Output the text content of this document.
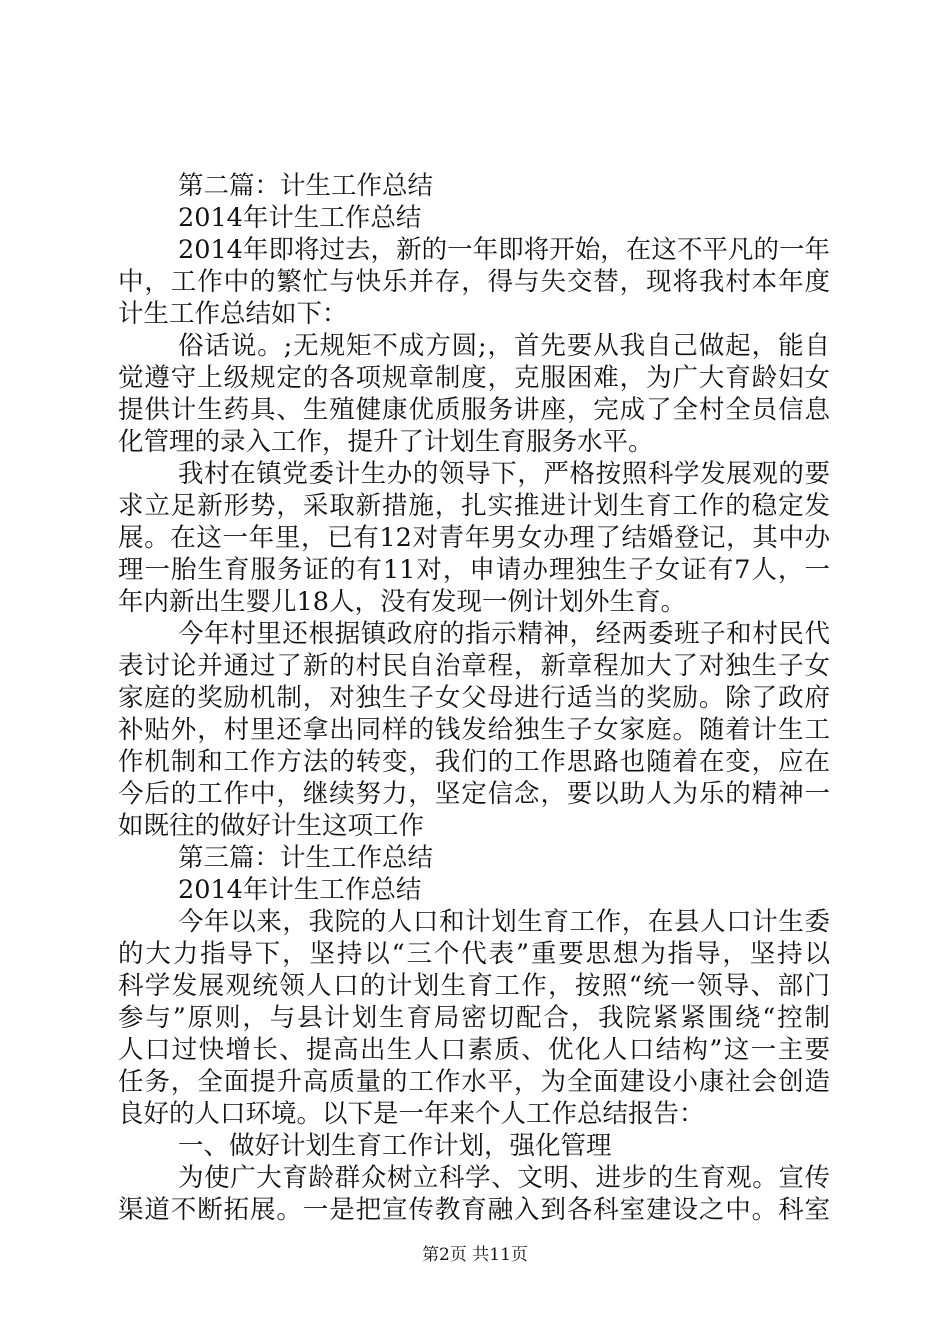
第二篇：计生工作总结
2014年计生工作总结
2014年即将过去，新的一年即将开始，在这不平凡的一年
中，工作中的繁忙与快乐并存，得与失交替，现将我村本年度
计生工作总结如下：
俗话说。;无规矩不成方圆;，首先要从我自己做起，能自
觉遵守上级规定的各项规章制度，克服困难，为广大育龄妇女
提供计生药具、生殖健康优质服务讲座，完成了全村全员信息
化管理的录入工作，提升了计划生育服务水平。
我村在镇党委计生办的领导下，严格按照科学发展观的要
求立足新形势，采取新措施，扎实推进计划生育工作的稳定发
展。在这一年里，已有12对青年男女办理了结婚登记，其中办
理一胎生育服务证的有11对，申请办理独生子女证有7人，一
年内新出生婴儿18人，没有发现一例计划外生育。
今年村里还根据镇政府的指示精神，经两委班子和村民代
表讨论并通过了新的村民自治章程，新章程加大了对独生子女
家庭的奖励机制，对独生子女父母进行适当的奖励。除了政府
补贴外，村里还拿出同样的钱发给独生子女家庭。随着计生工
作机制和工作方法的转变，我们的工作思路也随着在变，应在
今后的工作中，继续努力，坚定信念，要以助人为乐的精神一
如既往的做好计生这项工作
第三篇：计生工作总结
2014年计生工作总结
今年以来，我院的人口和计划生育工作，在县人口计生委
的大力指导下，坚持以“三个代表”重要思想为指导，坚持以
科学发展观统领人口的计划生育工作，按照“统一领导、部门
参与”原则，与县计划生育局密切配合，我院紧紧围绕“控制
人口过快增长、提高出生人口素质、优化人口结构”这一主要
任务，全面提升高质量的工作水平，为全面建设小康社会创造
良好的人口环境。以下是一年来个人工作总结报告：
一、做好计划生育工作计划，强化管理
为使广大育龄群众树立科学、文明、进步的生育观。宣传
渠道不断拓展。一是把宣传教育融入到各科室建设之中。科室
第2页 共11页
